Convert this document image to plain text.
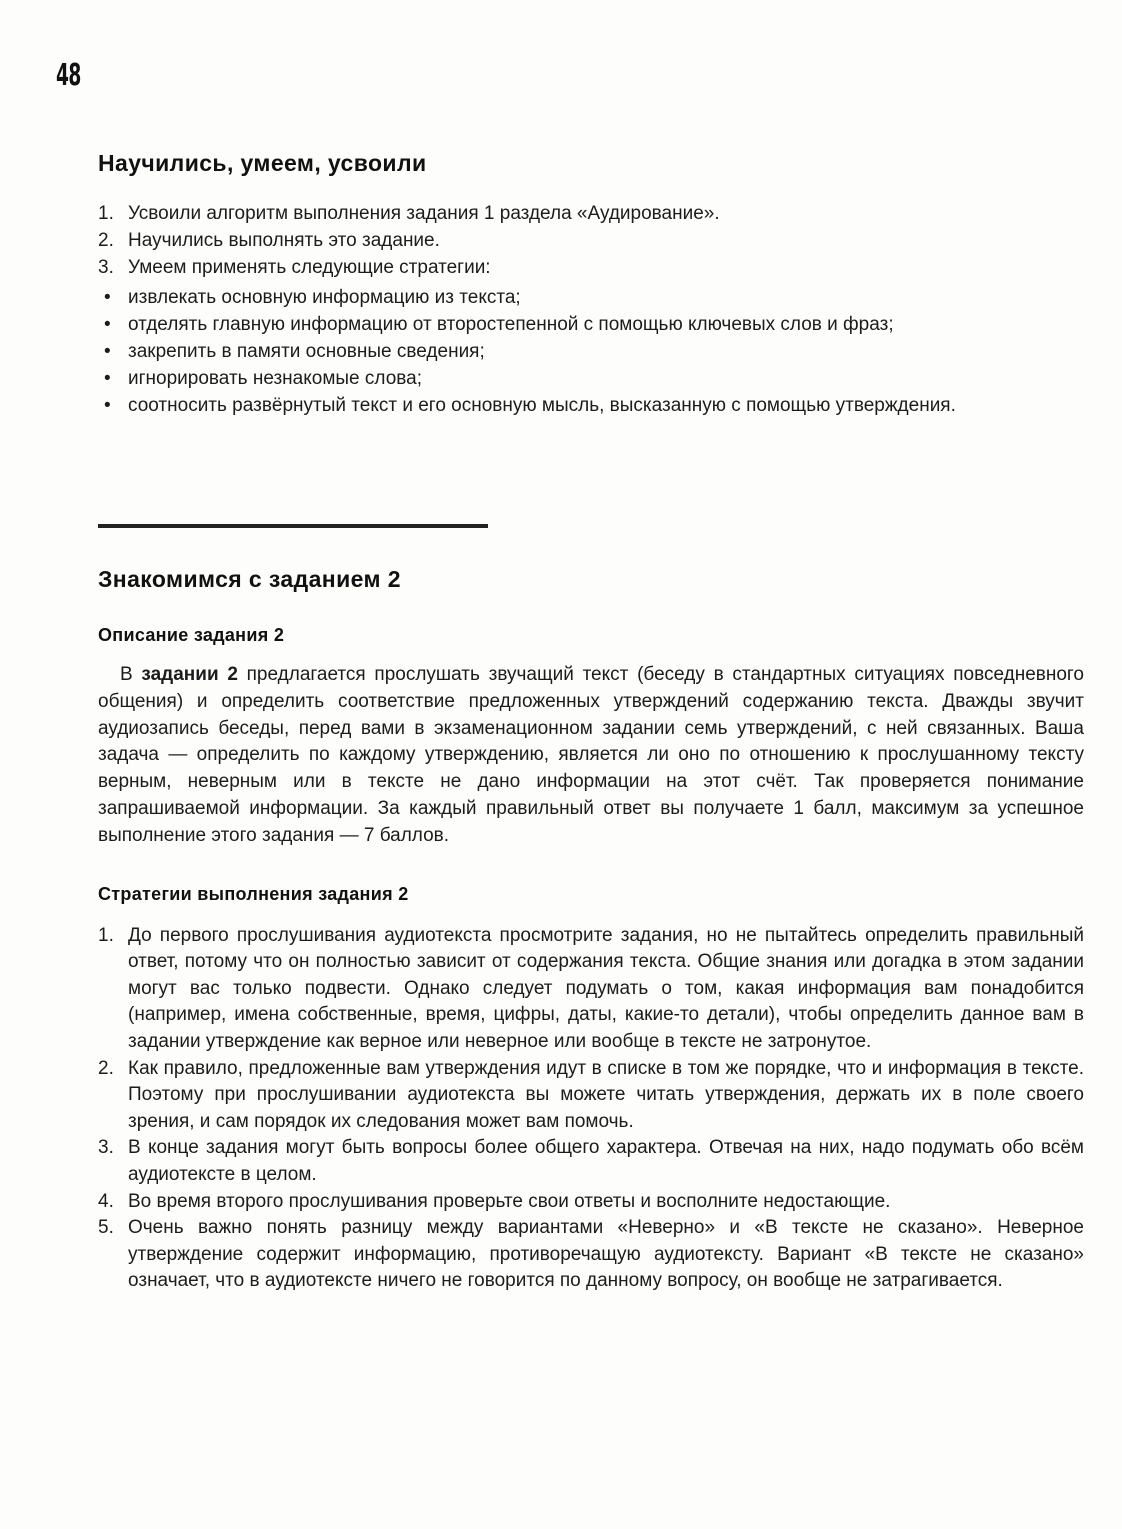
48
Научились, умеем, усвоили
1. Усвоили алгоритм выполнения задания 1 раздела «Аудирование».
2. Научились выполнять это задание.
3. Умеем применять следующие стратегии:
• извлекать основную информацию из текста;
• отделять главную информацию от второстепенной с помощью ключевых слов и фраз;
• закрепить в памяти основные сведения;
• игнорировать незнакомые слова;
• соотносить развёрнутый текст и его основную мысль, высказанную с помощью утверждения.
Знакомимся с заданием 2
Описание задания 2

В задании 2 предлагается прослушать звучащий текст (беседу в стандартных ситуациях повседневного общения) и определить соответствие предложенных утверждений содержанию текста. Дважды звучит аудиозапись беседы, перед вами в экзаменационном задании семь утверждений, с ней связанных. Ваша задача — определить по каждому утверждению, является ли оно по отношению к прослушанному тексту верным, неверным или в тексте не дано информации на этот счёт. Так проверяется понимание запрашиваемой информации. За каждый правильный ответ вы получаете 1 балл, максимум за успешное выполнение этого задания — 7 баллов.

Стратегии выполнения задания 2
1. До первого прослушивания аудиотекста просмотрите задания, но не пытайтесь определить правильный ответ, потому что он полностью зависит от содержания текста. Общие знания или догадка в этом задании могут вас только подвести. Однако следует подумать о том, какая информация вам понадобится (например, имена собственные, время, цифры, даты, какие-то детали), чтобы определить данное вам в задании утверждение как верное или неверное или вообще в тексте не затронутое.
2. Как правило, предложенные вам утверждения идут в списке в том же порядке, что и информация в тексте. Поэтому при прослушивании аудиотекста вы можете читать утверждения, держать их в поле своего зрения, и сам порядок их следования может вам помочь.
3. В конце задания могут быть вопросы более общего характера. Отвечая на них, надо подумать обо всём аудиотексте в целом.
4. Во время второго прослушивания проверьте свои ответы и восполните недостающие.
5. Очень важно понять разницу между вариантами «Неверно» и «В тексте не сказано». Неверное утверждение содержит информацию, противоречащую аудиотексту. Вариант «В тексте не сказано» означает, что в аудиотексте ничего не говорится по данному вопросу, он вообще не затрагивается.
